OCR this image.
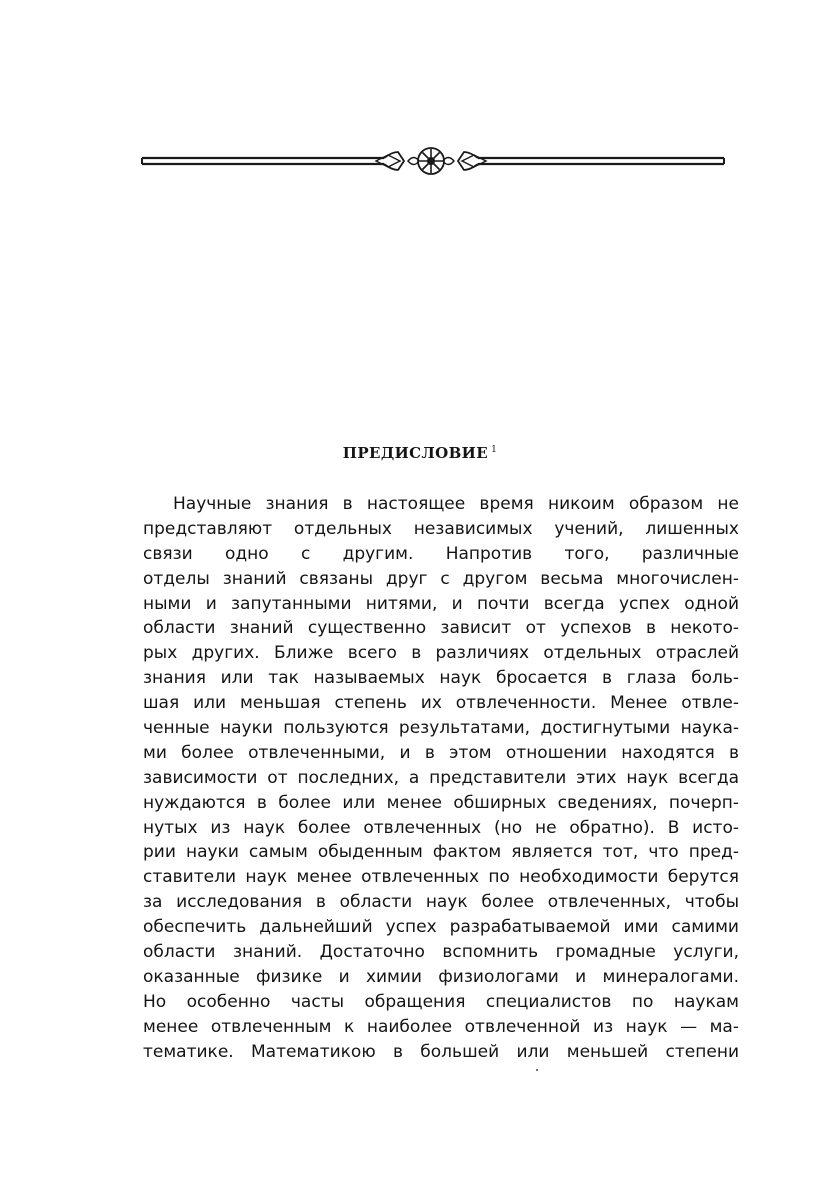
ПРЕДИСЛОВИЕ $^1$
Научные знания в настоящее время никоим образом не
представляют отдельных независимых учений, лишенных
связи одно с другим. Напротив того, различные
отделы знаний связаны друг с другом весьма многочислен-
ными и запутанными нитями, и почти всегда успех одной
области знаний существенно зависит от успехов в некото-
рых других. Ближе всего в различиях отдельных отраслей
знания или так называемых наук бросается в глаза боль-
шая или меньшая степень их отвлеченности. Менее отвле-
ченные науки пользуются результатами, достигнутыми наука-
ми более отвлеченными, и в этом отношении находятся в
зависимости от последних, а представители этих наук всегда
нуждаются в более или менее обширных сведениях, почерп-
нутых из наук более отвлеченных (но не обратно). В исто-
рии науки самым обыденным фактом является тот, что пред-
ставители наук менее отвлеченных по необходимости берутся
за исследования в области наук более отвлеченных, чтобы
обеспечить дальнейший успех разрабатываемой ими самими
области знаний. Достаточно вспомнить громадные услуги,
оказанные физике и химии физиологами и минералогами.
Но особенно часты обращения специалистов по наукам
менее отвлеченным к наиболее отвлеченной из наук — ма-
тематике. Математикою в большей или меньшей степени
